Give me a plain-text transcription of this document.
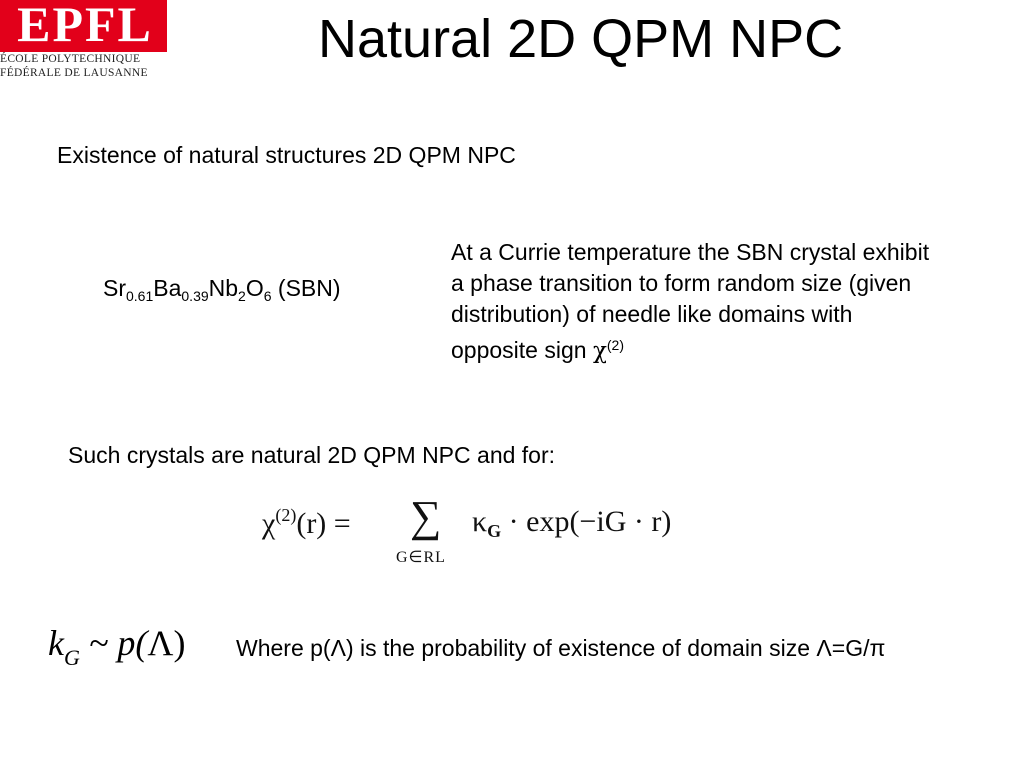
EPFL
ÉCOLE POLYTECHNIQUE
FÉDÉRALE DE LAUSANNE
Natural 2D QPM NPC
Existence of natural structures 2D QPM NPC
$Sr_{0.61}Ba_{0.39}Nb_2O_6$ (SBN)
At a Currie temperature the SBN crystal exhibit a phase transition to form random size (given distribution) of needle like domains with opposite sign $\chi^{(2)}$
Such crystals are natural 2D QPM NPC and for:
$\chi^{(2)}(r)$ = ∑
G∈RL
$\kappa_G \cdot \exp(-iG \cdot r)$
$k_G$ ~ p(Λ) Where p(Λ) is the probability of existence of domain size Λ=G/π
